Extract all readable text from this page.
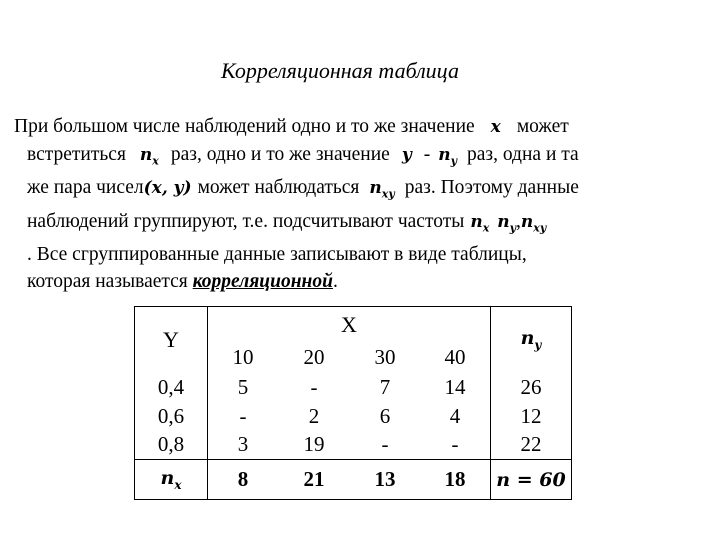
Корреляционная таблица
При большом числе наблюдений одно и то же значение x может
встретиться $n_x$ раз, одно и то же значение y - $n_y$ раз, одна и та
же пара чисел(x, y) может наблюдаться $n_{xy}$ раз. Поэтому данные
наблюдений группируют, т.е. подсчитывают частоты $n_x$ $n_y,n_{xy}$
. Все сгруппированные данные записывают в виде таблицы,
которая называется корреляционной.
Y	X				$n_y$
	10	20	30	40	
0,4	5	-	7	14	26
0,6	-	2	6	4	12
0,8	3	19	-	-	22
$n_x$	8	21	13	18	n = 60
